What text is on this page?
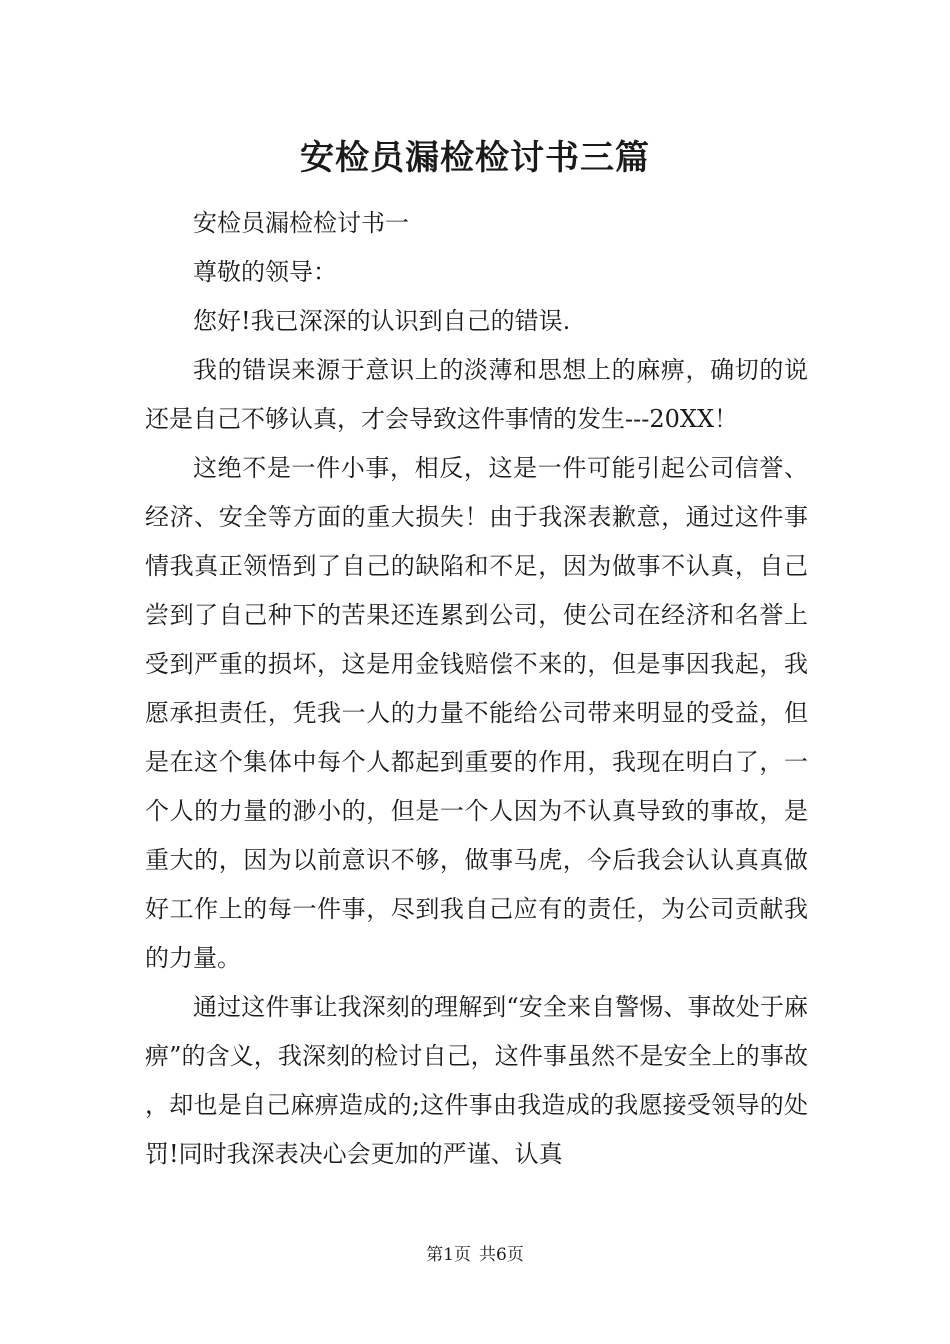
安检员漏检检讨书三篇

安检员漏检检讨书一

尊敬的领导：

您好!我已深深的认识到自己的错误.

我的错误来源于意识上的淡薄和思想上的麻痹，确切的说还是自己不够认真，才会导致这件事情的发生---20XX！

这绝不是一件小事，相反，这是一件可能引起公司信誉、经济、安全等方面的重大损失！由于我深表歉意，通过这件事情我真正领悟到了自己的缺陷和不足，因为做事不认真，自己尝到了自己种下的苦果还连累到公司，使公司在经济和名誉上受到严重的损坏，这是用金钱赔偿不来的，但是事因我起，我愿承担责任，凭我一人的力量不能给公司带来明显的受益，但是在这个集体中每个人都起到重要的作用，我现在明白了，一个人的力量的渺小的，但是一个人因为不认真导致的事故，是重大的，因为以前意识不够，做事马虎，今后我会认认真真做好工作上的每一件事，尽到我自己应有的责任，为公司贡献我的力量。

通过这件事让我深刻的理解到“安全来自警惕、事故处于麻痹”的含义，我深刻的检讨自己，这件事虽然不是安全上的事故，却也是自己麻痹造成的;这件事由我造成的我愿接受领导的处罚!同时我深表决心会更加的严谨、认真

第1页 共6页
